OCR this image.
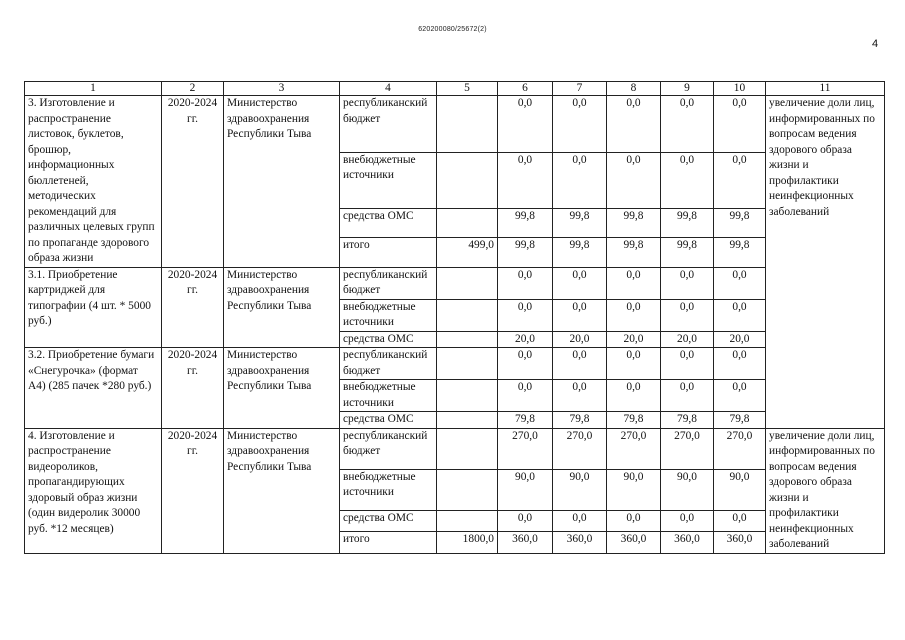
620200080/25672(2)
4
1	2	3	4	5	6	7	8	9	10	11
3. Изготовление и распространение листовок, буклетов, брошюр, информационных бюллетеней, методических рекомендаций для различных целевых групп по пропаганде здорового образа жизни	2020-2024 гг.	Министерство здравоохранения Республики Тыва	республиканский бюджет		0,0	0,0	0,0	0,0	0,0	увеличение доли лиц, информированных по вопросам ведения здорового образа жизни и профилактики неинфекционных заболеваний
			внебюджетные источники		0,0	0,0	0,0	0,0	0,0	
			средства ОМС		99,8	99,8	99,8	99,8	99,8	
			итого	499,0	99,8	99,8	99,8	99,8	99,8	
3.1. Приобретение картриджей для типографии (4 шт. * 5000 руб.)	2020-2024 гг.	Министерство здравоохранения Республики Тыва	республиканский бюджет		0,0	0,0	0,0	0,0	0,0	
			внебюджетные источники		0,0	0,0	0,0	0,0	0,0	
			средства ОМС		20,0	20,0	20,0	20,0	20,0	
3.2. Приобретение бумаги «Снегурочка» (формат А4) (285 пачек *280 руб.)	2020-2024 гг.	Министерство здравоохранения Республики Тыва	республиканский бюджет		0,0	0,0	0,0	0,0	0,0	
			внебюджетные источники		0,0	0,0	0,0	0,0	0,0	
			средства ОМС		79,8	79,8	79,8	79,8	79,8	
4. Изготовление и распространение видеороликов, пропагандирующих здоровый образ жизни (один видеролик 30000 руб. *12 месяцев)	2020-2024 гг.	Министерство здравоохранения Республики Тыва	республиканский бюджет		270,0	270,0	270,0	270,0	270,0	увеличение доли лиц, информированных по вопросам ведения здорового образа жизни и профилактики неинфекционных заболеваний
			внебюджетные источники		90,0	90,0	90,0	90,0	90,0	
			средства ОМС		0,0	0,0	0,0	0,0	0,0	
			итого	1800,0	360,0	360,0	360,0	360,0	360,0	
